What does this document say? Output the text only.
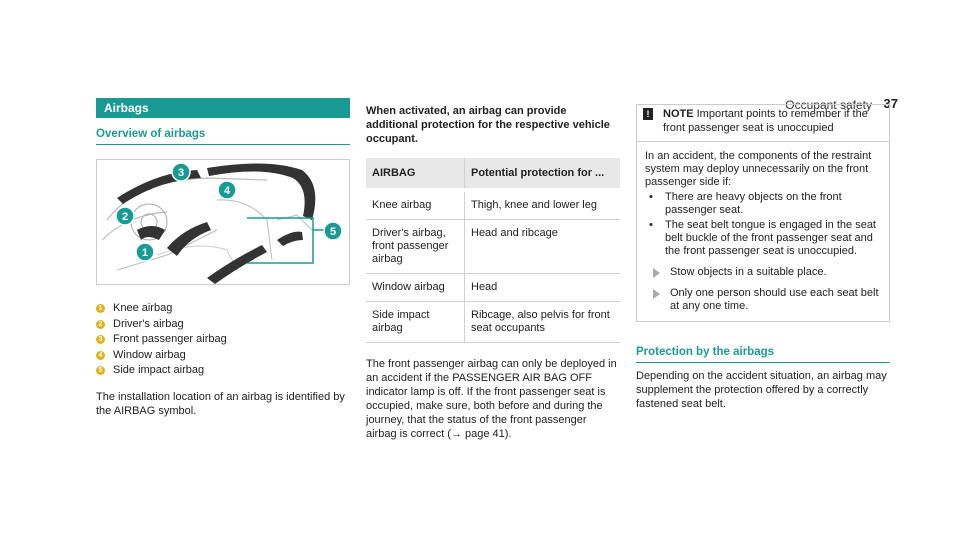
Occupant safety 37
Airbags
Overview of airbags
3
4
2
1
5
1 Knee airbag
2 Driver's airbag
3 Front passenger airbag
4 Window airbag
5 Side impact airbag
The installation location of an airbag is identified by the AIRBAG symbol.
When activated, an airbag can provide additional protection for the respective vehicle occupant.
AIRBAG	Potential protection for ...
Knee airbag	Thigh, knee and lower leg
Driver's airbag, front passenger airbag	Head and ribcage
Window airbag	Head
Side impact airbag	Ribcage, also pelvis for front seat occupants
The front passenger airbag can only be deployed in an accident if the PASSENGER AIR BAG OFF indicator lamp is off. If the front passenger seat is occupied, make sure, both before and during the journey, that the status of the front passenger airbag is correct (→ page 41).
!	NOTE Important points to remember if the front passenger seat is unoccupied
In an accident, the components of the restraint system may deploy unnecessarily on the front passenger side if:
•	There are heavy objects on the front passenger seat.
•	The seat belt tongue is engaged in the seat belt buckle of the front passenger seat and the front passenger seat is unoccupied.
Stow objects in a suitable place.
Only one person should use each seat belt at any one time.
Protection by the airbags
Depending on the accident situation, an airbag may supplement the protection offered by a correctly fastened seat belt.
